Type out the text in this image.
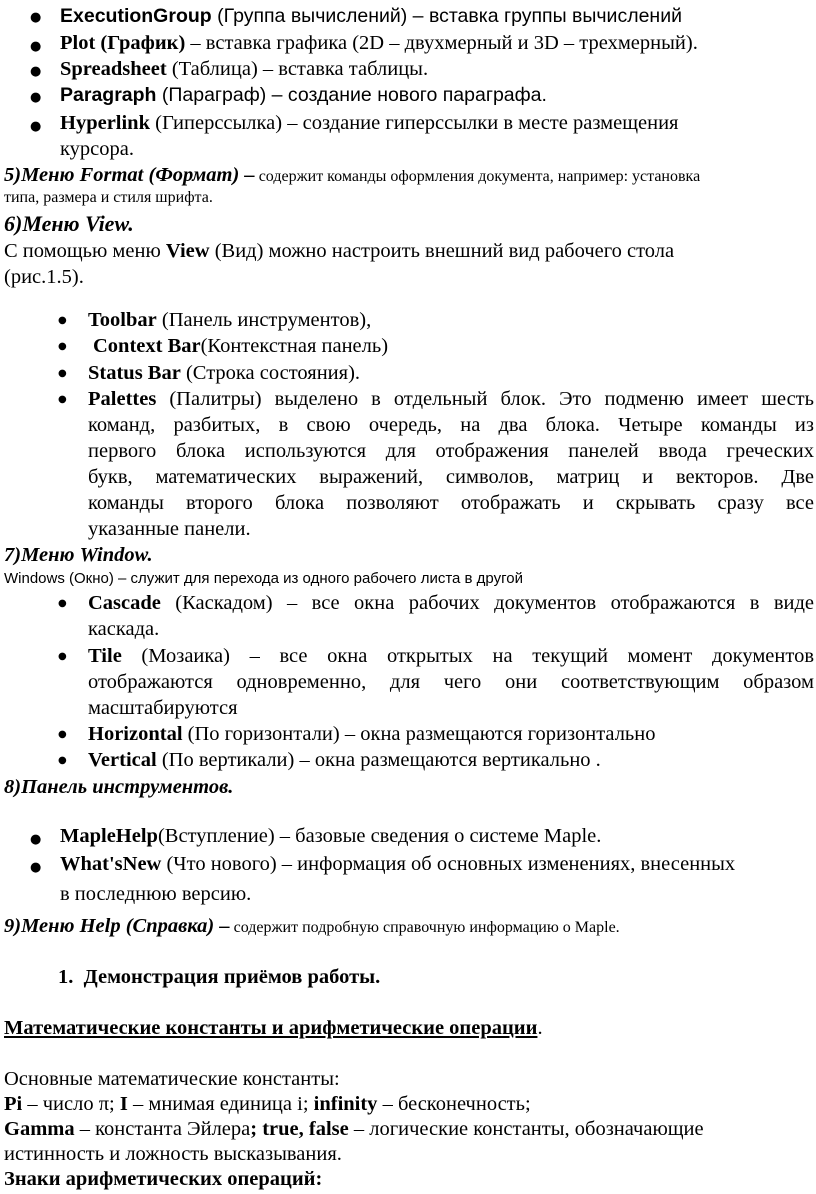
● ExecutionGroup (Группа вычислений) – вставка группы вычислений
● Plot (График) – вставка графика (2D – двухмерный и 3D – трехмерный).
● Spreadsheet (Таблица) – вставка таблицы.
● Paragraph (Параграф) – создание нового параграфа.
● Hyperlink (Гиперссылка) – создание гиперссылки в месте размещения
курсора.
5)Меню Format (Формат) – содержит команды оформления документа, например: установка
типа, размера и стиля шрифта.
6)Меню View.
С помощью меню View (Вид) можно настроить внешний вид рабочего стола
(рис.1.5).
● Toolbar (Панель инструментов),
● Context Bar(Контекстная панель)
● Status Bar (Строка состояния).
● Palettes (Палитры) выделено в отдельный блок. Это подменю имеет шесть
команд, разбитых, в свою очередь, на два блока. Четыре команды из
первого блока используются для отображения панелей ввода греческих
букв, математических выражений, символов, матриц и векторов. Две
команды второго блока позволяют отображать и скрывать сразу все
указанные панели.
7)Меню Window.
Windows (Окно) – служит для перехода из одного рабочего листа в другой
● Cascade (Каскадом) – все окна рабочих документов отображаются в виде
каскада.
● Tile (Мозаика) – все окна открытых на текущий момент документов
отображаются одновременно, для чего они соответствующим образом
масштабируются
● Horizontal (По горизонтали) – окна размещаются горизонтально
● Vertical (По вертикали) – окна размещаются вертикально .
8)Панель инструментов.
● MapleHelp(Вступление) – базовые сведения о системе Maple.
● What'sNew (Что нового) – информация об основных изменениях, внесенных
в последнюю версию.
9)Меню Help (Справка) – содержит подробную справочную информацию о Maple.
1. Демонстрация приёмов работы.
Математические константы и арифметические операции.
Основные математические константы:
Pi – число π; I – мнимая единица i; infinity – бесконечность;
Gamma – константа Эйлера; true, false – логические константы, обозначающие
истинность и ложность высказывания.
Знаки арифметических операций:
